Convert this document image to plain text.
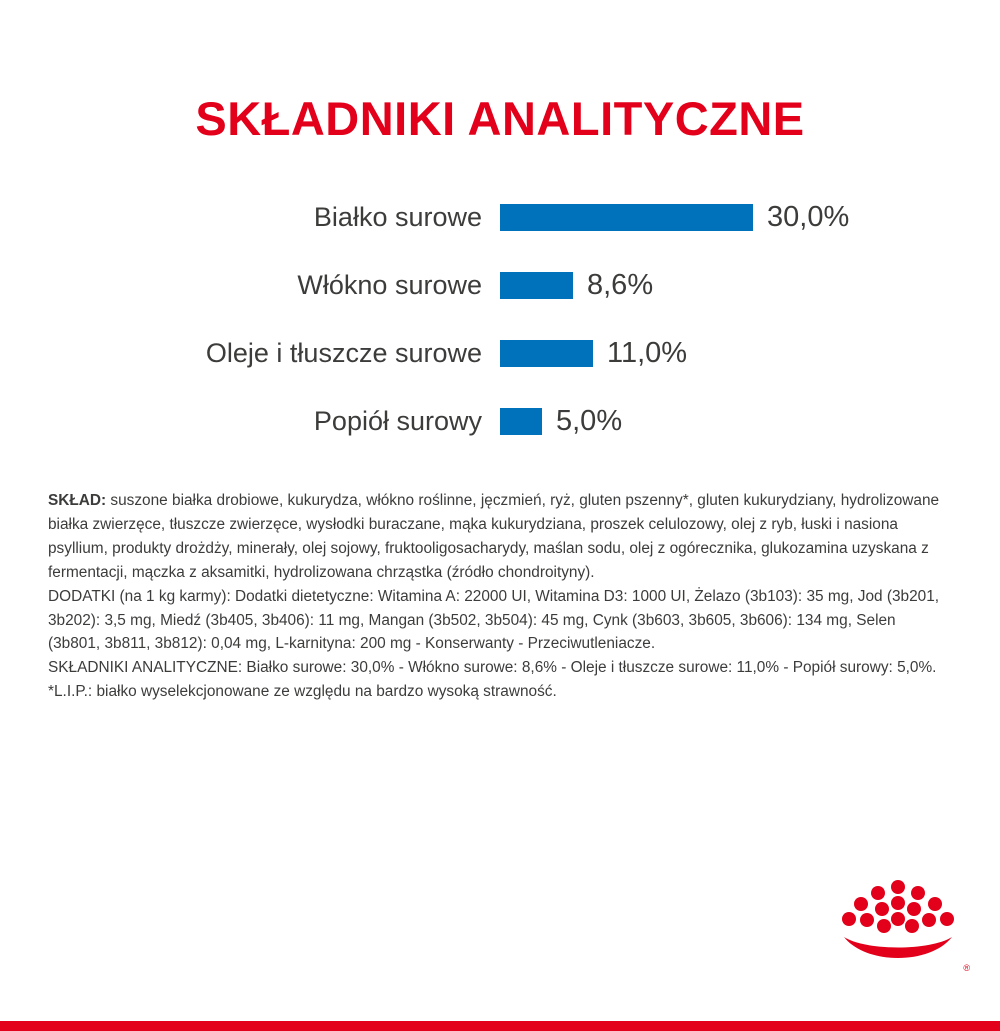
SKŁADNIKI ANALITYCZNE
Białko surowe	30,0%
Włókno surowe	8,6%
Oleje i tłuszcze surowe	11,0%
Popiół surowy	5,0%

SKŁAD: suszone białka drobiowe, kukurydza, włókno roślinne, jęczmień, ryż, gluten pszenny*, gluten kukurydziany, hydrolizowane białka zwierzęce, tłuszcze zwierzęce, wysłodki buraczane, mąka kukurydziana, proszek celulozowy, olej z ryb, łuski i nasiona psyllium, produkty drożdży, minerały, olej sojowy, fruktooligosacharydy, maślan sodu, olej z ogórecznika, glukozamina uzyskana z fermentacji, mączka z aksamitki, hydrolizowana chrząstka (źródło chondroityny).

DODATKI (na 1 kg karmy): Dodatki dietetyczne: Witamina A: 22000 UI, Witamina D3: 1000 UI, Żelazo (3b103): 35 mg, Jod (3b201, 3b202): 3,5 mg, Miedź (3b405, 3b406): 11 mg, Mangan (3b502, 3b504): 45 mg, Cynk (3b603, 3b605, 3b606): 134 mg, Selen (3b801, 3b811, 3b812): 0,04 mg, L-karnityna: 200 mg - Konserwanty - Przeciwutleniacze.

SKŁADNIKI ANALITYCZNE: Białko surowe: 30,0% - Włókno surowe: 8,6% - Oleje i tłuszcze surowe: 11,0% - Popiół surowy: 5,0%.

*L.I.P.: białko wyselekcjonowane ze względu na bardzo wysoką strawność.

®
